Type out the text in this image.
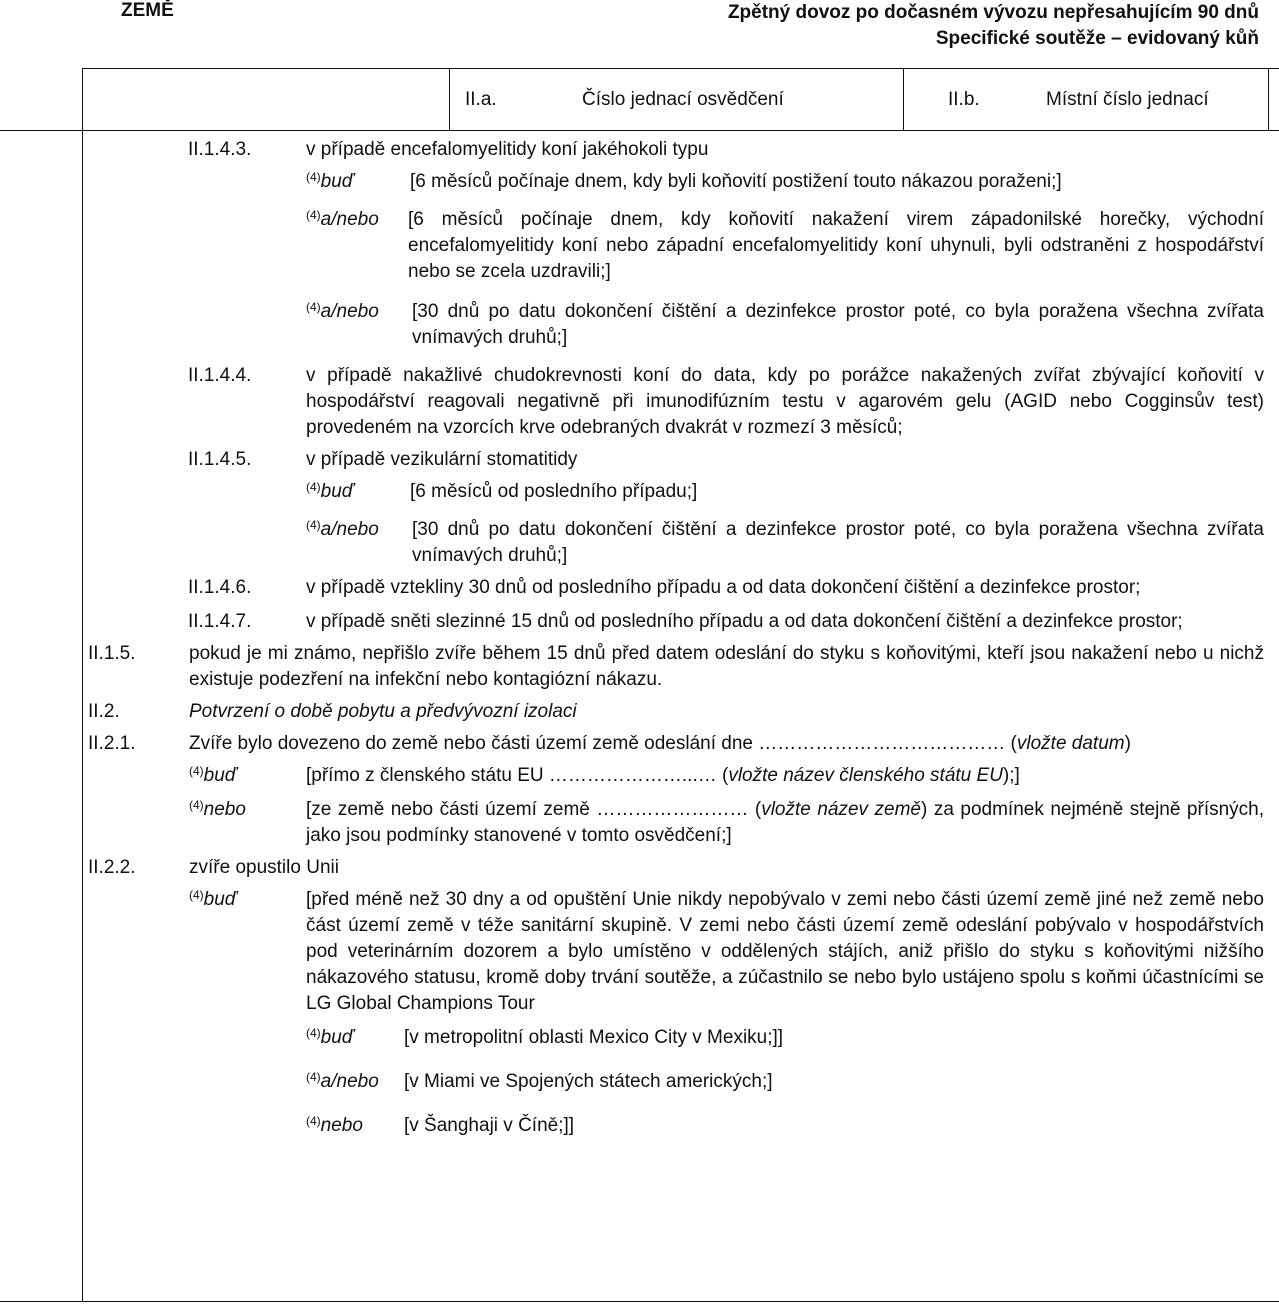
ZEMĚ	Zpětný dovoz po dočasném vývozu nepřesahujícím 90 dnů
Specifické soutěže – evidovaný kůň
II.a.	Číslo jednací osvědčení	II.b.	Místní číslo jednací
II.1.4.3.	v případě encefalomyelitidy koní jakéhokoli typu
$^{(4)}$buď	[6 měsíců počínaje dnem, kdy byli koňovití postižení touto nákazou poraženi;]
$^{(4)}$a/nebo [6 měsíců počínaje dnem, kdy koňovití nakažení virem západonilské horečky, východní encefalomyelitidy koní nebo západní encefalomyelitidy koní uhynuli, byli odstraněni z hospodářství nebo se zcela uzdravili;]
$^{(4)}$a/nebo [30 dnů po datu dokončení čištění a dezinfekce prostor poté, co byla poražena všechna zvířata vnímavých druhů;]
II.1.4.4.	v případě nakažlivé chudokrevnosti koní do data, kdy po porážce nakažených zvířat zbývající koňovití v hospodářství reagovali negativně při imunodifúzním testu v agarovém gelu (AGID nebo Cogginsův test) provedeném na vzorcích krve odebraných dvakrát v rozmezí 3 měsíců;
II.1.4.5.	v případě vezikulární stomatitidy
$^{(4)}$buď	[6 měsíců od posledního případu;]
$^{(4)}$a/nebo [30 dnů po datu dokončení čištění a dezinfekce prostor poté, co byla poražena všechna zvířata vnímavých druhů;]
II.1.4.6.	v případě vztekliny 30 dnů od posledního případu a od data dokončení čištění a dezinfekce prostor;
II.1.4.7.	v případě sněti slezinné 15 dnů od posledního případu a od data dokončení čištění a dezinfekce prostor;
II.1.5.	pokud je mi známo, nepřišlo zvíře během 15 dnů před datem odeslání do styku s koňovitými, kteří jsou nakažení nebo u nichž existuje podezření na infekční nebo kontagiózní nákazu.
II.2.	Potvrzení o době pobytu a předvývozní izolaci
II.2.1.	Zvíře bylo dovezeno do země nebo části území země odeslání dne ………………………………… (vložte datum)
$^{(4)}$buď	[přímo z členského státu EU …………………...… (vložte název členského státu EU);]
$^{(4)}$nebo	[ze země nebo části území země …………………… (vložte název země) za podmínek nejméně stejně přísných, jako jsou podmínky stanovené v tomto osvědčení;]
II.2.2.	zvíře opustilo Unii
$^{(4)}$buď	[před méně než 30 dny a od opuštění Unie nikdy nepobývalo v zemi nebo části území země jiné než země nebo část území země v téže sanitární skupině. V zemi nebo části území země odeslání pobývalo v hospodářstvích pod veterinárním dozorem a bylo umístěno v oddělených stájích, aniž přišlo do styku s koňovitými nižšího nákazového statusu, kromě doby trvání soutěže, a zúčastnilo se nebo bylo ustájeno spolu s koňmi účastnícími se LG Global Champions Tour
$^{(4)}$buď	[v metropolitní oblasti Mexico City v Mexiku;]]
$^{(4)}$a/nebo [v Miami ve Spojených státech amerických;]
$^{(4)}$nebo [v Šanghaji v Číně;]]
